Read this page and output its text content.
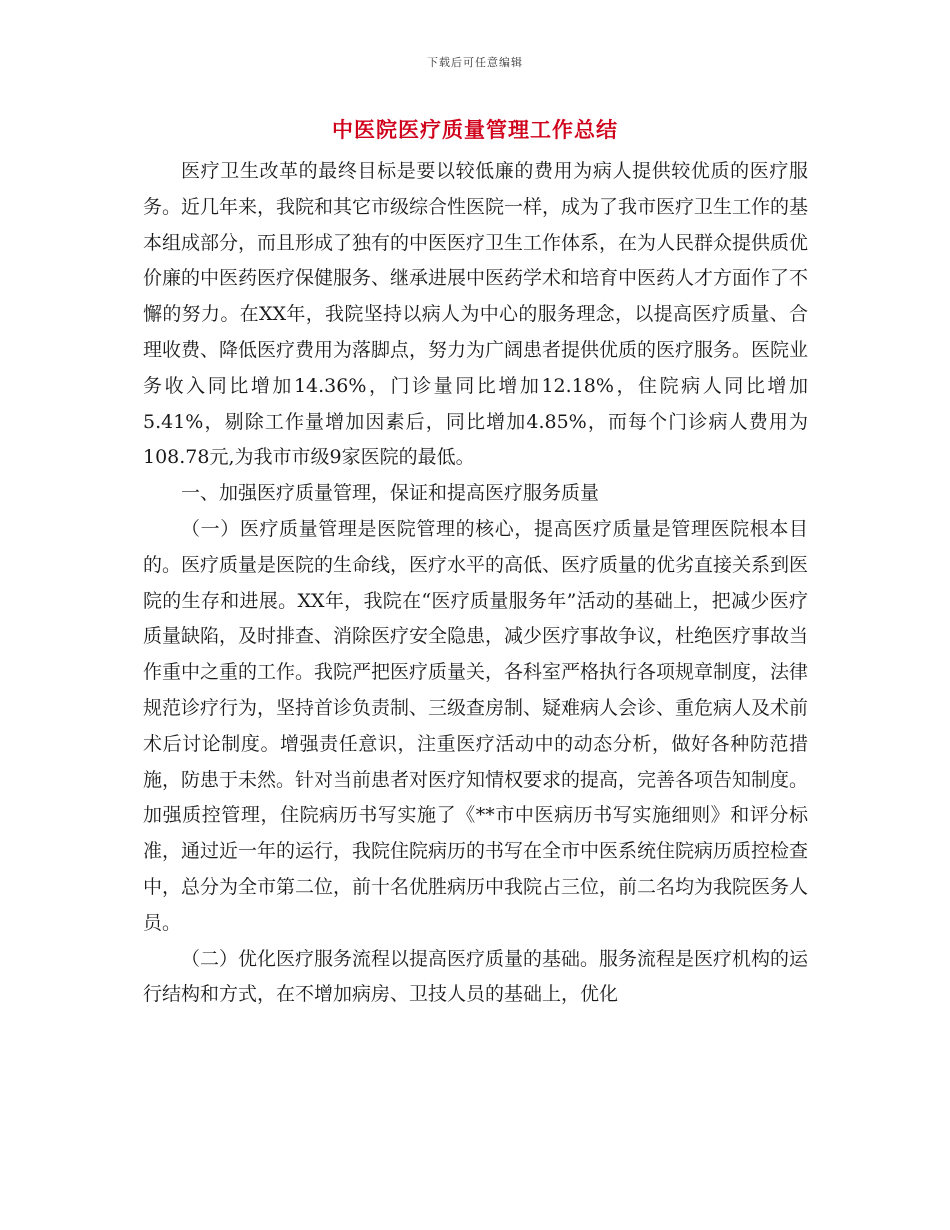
下载后可任意编辑
中医院医疗质量管理工作总结

医疗卫生改革的最终目标是要以较低廉的费用为病人提供较优质的医疗服务。近几年来，我院和其它市级综合性医院一样，成为了我市医疗卫生工作的基本组成部分，而且形成了独有的中医医疗卫生工作体系，在为人民群众提供质优价廉的中医药医疗保健服务、继承进展中医药学术和培育中医药人才方面作了不懈的努力。在XX年，我院坚持以病人为中心的服务理念，以提高医疗质量、合理收费、降低医疗费用为落脚点，努力为广阔患者提供优质的医疗服务。医院业务收入同比增加14.36%，门诊量同比增加12.18%，住院病人同比增加5.41%，剔除工作量增加因素后，同比增加4.85%，而每个门诊病人费用为108.78元,为我市市级9家医院的最低。

一、加强医疗质量管理，保证和提高医疗服务质量

（一）医疗质量管理是医院管理的核心，提高医疗质量是管理医院根本目的。医疗质量是医院的生命线，医疗水平的高低、医疗质量的优劣直接关系到医院的生存和进展。XX年，我院在“医疗质量服务年”活动的基础上，把减少医疗质量缺陷，及时排查、消除医疗安全隐患，减少医疗事故争议，杜绝医疗事故当作重中之重的工作。我院严把医疗质量关，各科室严格执行各项规章制度，法律规范诊疗行为，坚持首诊负责制、三级查房制、疑难病人会诊、重危病人及术前术后讨论制度。增强责任意识，注重医疗活动中的动态分析，做好各种防范措施，防患于未然。针对当前患者对医疗知情权要求的提高，完善各项告知制度。加强质控管理，住院病历书写实施了《**市中医病历书写实施细则》和评分标准，通过近一年的运行，我院住院病历的书写在全市中医系统住院病历质控检查中，总分为全市第二位，前十名优胜病历中我院占三位，前二名均为我院医务人员。

（二）优化医疗服务流程以提高医疗质量的基础。服务流程是医疗机构的运行结构和方式，在不增加病房、卫技人员的基础上，优化
